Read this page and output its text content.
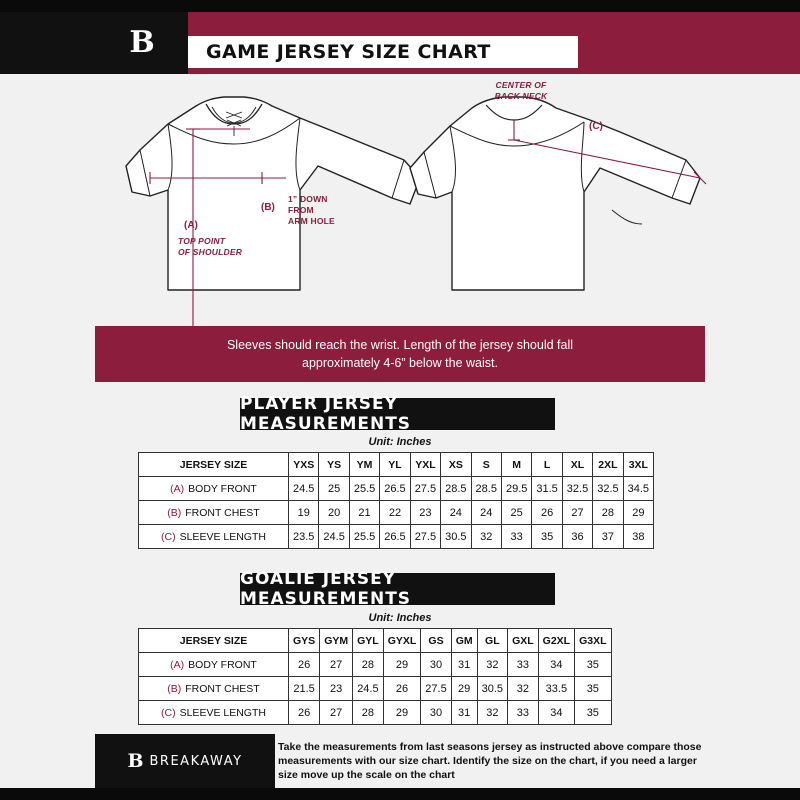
B	GAME JERSEY SIZE CHART
CENTER OF
BACK NECK
1” DOWN
FROM
ARM HOLE
TOP POINT
OF SHOULDER
(A)
(B)
(C)
Sleeves should reach the wrist. Length of the jersey should fall
approximately 4-6” below the waist.
PLAYER JERSEY MEASUREMENTS
Unit: Inches
JERSEY SIZE	YXS	YS	YM	YL	YXL	XS	S	M	L	XL	2XL	3XL
(A) BODY FRONT	24.5	25	25.5	26.5	27.5	28.5	28.5	29.5	31.5	32.5	32.5	34.5
(B) FRONT CHEST	19	20	21	22	23	24	24	25	26	27	28	29
(C) SLEEVE LENGTH	23.5	24.5	25.5	26.5	27.5	30.5	32	33	35	36	37	38
GOALIE JERSEY MEASUREMENTS
Unit: Inches
JERSEY SIZE	GYS	GYM	GYL	GYXL	GS	GM	GL	GXL	G2XL	G3XL
(A) BODY FRONT	26	27	28	29	30	31	32	33	34	35
(B) FRONT CHEST	21.5	23	24.5	26	27.5	29	30.5	32	33.5	35
(C) SLEEVE LENGTH	26	27	28	29	30	31	32	33	34	35
B BREAKAWAY
Take the measurements from last seasons jersey as instructed above compare those measurements with our size chart. Identify the size on the chart, if you need a larger size move up the scale on the chart
